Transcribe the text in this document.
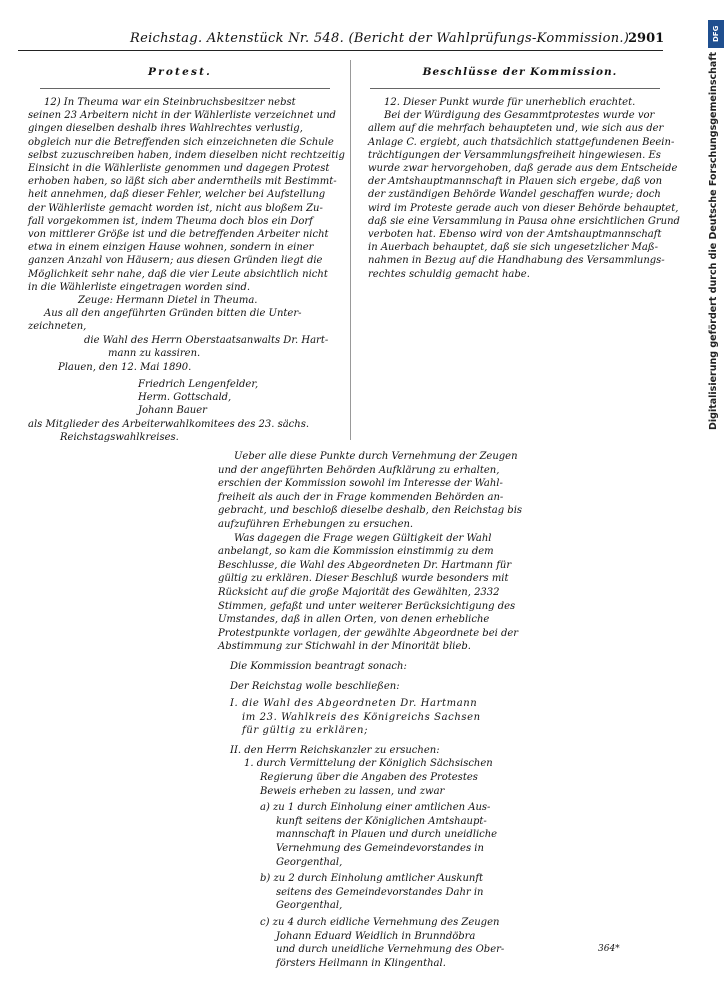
Reichstag. Aktenstück Nr. 548. (Bericht der Wahlprüfungs-Kommission.)
2901
Protest.	Beschlüsse der Kommission.
12) In Theuma war ein Steinbruchsbesitzer nebst
seinen 23 Arbeitern nicht in der Wählerliste verzeichnet und
gingen dieselben deshalb ihres Wahlrechtes verlustig,
obgleich nur die Betreffenden sich einzeichneten die Schule
selbst zuzuschreiben haben, indem dieselben nicht rechtzeitig
Einsicht in die Wählerliste genommen und dagegen Protest
erhoben haben, so läßt sich aber anderntheils mit Bestimmt-
heit annehmen, daß dieser Fehler, welcher bei Aufstellung
der Wählerliste gemacht worden ist, nicht aus bloßem Zu-
fall vorgekommen ist, indem Theuma doch blos ein Dorf
von mittlerer Größe ist und die betreffenden Arbeiter nicht
etwa in einem einzigen Hause wohnen, sondern in einer
ganzen Anzahl von Häusern; aus diesen Gründen liegt die
Möglichkeit sehr nahe, daß die vier Leute absichtlich nicht
in die Wählerliste eingetragen worden sind.
Zeuge: Hermann Dietel in Theuma.
Aus all den angeführten Gründen bitten die Unter-
zeichneten,
die Wahl des Herrn Oberstaatsanwalts Dr. Hart-
mann zu kassiren.
Plauen, den 12. Mai 1890.
Friedrich Lengenfelder,
Herm. Gottschald,
Johann Bauer
als Mitglieder des Arbeiterwahlkomitees des 23. sächs.
Reichstagswahlkreises.
12. Dieser Punkt wurde für unerheblich erachtet.
Bei der Würdigung des Gesammtprotestes wurde vor
allem auf die mehrfach behaupteten und, wie sich aus der
Anlage C. ergiebt, auch thatsächlich stattgefundenen Beein-
trächtigungen der Versammlungsfreiheit hingewiesen. Es
wurde zwar hervorgehoben, daß gerade aus dem Entscheide
der Amtshauptmannschaft in Plauen sich ergebe, daß von
der zuständigen Behörde Wandel geschaffen wurde; doch
wird im Proteste gerade auch von dieser Behörde behauptet,
daß sie eine Versammlung in Pausa ohne ersichtlichen Grund
verboten hat. Ebenso wird von der Amtshauptmannschaft
in Auerbach behauptet, daß sie sich ungesetzlicher Maß-
nahmen in Bezug auf die Handhabung des Versammlungs-
rechtes schuldig gemacht habe.
Ueber alle diese Punkte durch Vernehmung der Zeugen
und der angeführten Behörden Aufklärung zu erhalten,
erschien der Kommission sowohl im Interesse der Wahl-
freiheit als auch der in Frage kommenden Behörden an-
gebracht, und beschloß dieselbe deshalb, den Reichstag bis
aufzuführen Erhebungen zu ersuchen.
Was dagegen die Frage wegen Gültigkeit der Wahl
anbelangt, so kam die Kommission einstimmig zu dem
Beschlusse, die Wahl des Abgeordneten Dr. Hartmann für
gültig zu erklären. Dieser Beschluß wurde besonders mit
Rücksicht auf die große Majorität des Gewählten, 2332
Stimmen, gefaßt und unter weiterer Berücksichtigung des
Umstandes, daß in allen Orten, von denen erhebliche
Protestpunkte vorlagen, der gewählte Abgeordnete bei der
Abstimmung zur Stichwahl in der Minorität blieb.
Die Kommission beantragt sonach:
Der Reichstag wolle beschließen:
I. die Wahl des Abgeordneten Dr. Hartmann
im 23. Wahlkreis des Königreichs Sachsen
für gültig zu erklären;
II. den Herrn Reichskanzler zu ersuchen:
1. durch Vermittelung der Königlich Sächsischen
Regierung über die Angaben des Protestes
Beweis erheben zu lassen, und zwar
a) zu 1 durch Einholung einer amtlichen Aus-
kunft seitens der Königlichen Amtshaupt-
mannschaft in Plauen und durch uneidliche
Vernehmung des Gemeindevorstandes in
Georgenthal,
b) zu 2 durch Einholung amtlicher Auskunft
seitens des Gemeindevorstandes Dahr in
Georgenthal,
c) zu 4 durch eidliche Vernehmung des Zeugen
Johann Eduard Weidlich in Brunndöbra
und durch uneidliche Vernehmung des Ober-
försters Heilmann in Klingenthal.
364*
DFG
Digitalisierung gefördert durch die Deutsche Forschungsgemeinschaft
